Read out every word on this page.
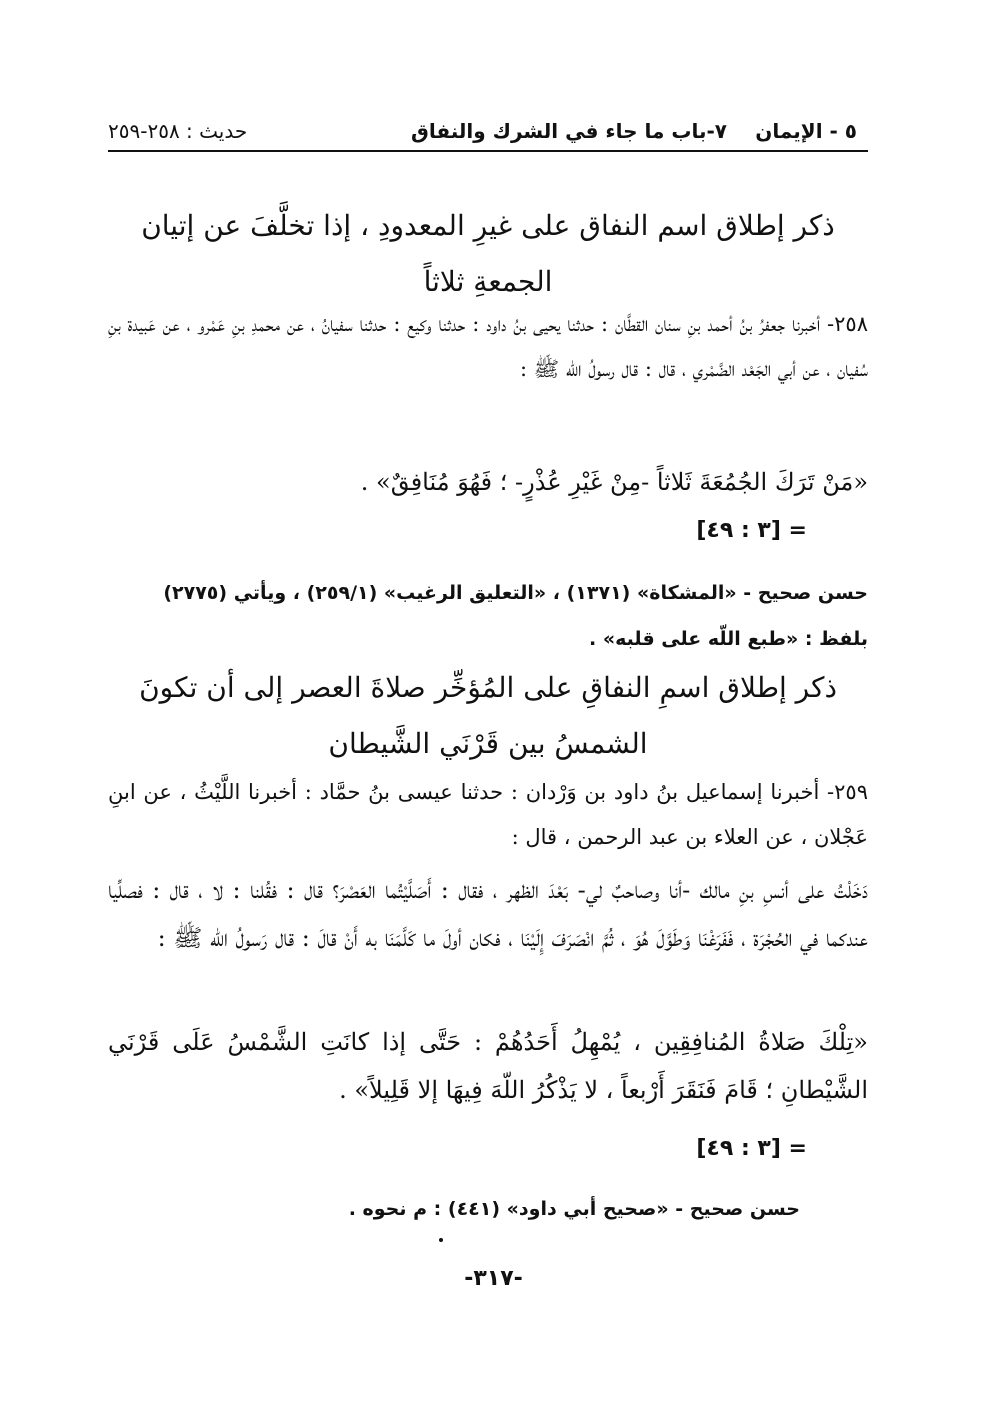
٥ - الإيمان
٧-باب ما جاء في الشرك والنفاق
حديث : ٢٥٨-٢٥٩
ذكر إطلاق اسم النفاق على غيرِ المعدودِ ، إذا تخلَّفَ عن إتيان الجمعةِ ثلاثاً
٢٥٨- أخبرنا جعفرُ بنُ أحمد بنِ سنان القطَّان : حدثنا يحيى بنُ داود : حدثنا وكيع : حدثنا سفيانُ ، عن محمدِ بنِ عَمْرو ، عن عَبيدة بنِ سُفيان ، عن أبي الجَعْد الضَّمْري ، قال : قال رسولُ اللّه ﷺ :
«مَنْ تَرَكَ الجُمُعَةَ ثَلاثاً -مِنْ غَيْرِ عُذْرٍ- ؛ فَهُوَ مُنَافِقٌ» .
= [٣ : ٤٩]
حسن صحيح - «المشكاة» (١٣٧١) ، «التعليق الرغيب» (٢٥٩/١) ، ويأتي (٢٧٧٥) بلفظ : «طبع اللّه على قلبه» .
ذكر إطلاق اسمِ النفاقِ على المُؤخِّر صلاةَ العصر إلى أن تكونَ الشمسُ بين قَرْنَي الشَّيطان
٢٥٩- أخبرنا إسماعيل بنُ داود بن وَرْدان : حدثنا عيسى بنُ حمَّاد : أخبرنا اللَّيْثُ ، عن ابنِ عَجْلان ، عن العلاء بن عبد الرحمن ، قال :
دَخَلْتُ على أنسِ بنِ مالك -أنا وصاحبٌ لي- بَعْدَ الظهر ، فقال : أَصَلَّيْتُما العَصْرَ؟ قال : فقُلنا : لا ، قال : فصلِّيا عندكما في الحُجْرَة ، فَفَرَغْنَا وَطَوَّلَ هُوَ ، ثُمَّ انْصَرَفَ إِلَيْنَا ، فكان أولَ ما كَلَّمَنَا به أَنْ قالَ : قال رَسولُ اللّه ﷺ :
«تِلْكَ صَلاةُ المُنافِقِين ، يُمْهِلُ أَحَدُهُمْ : حَتَّى إذا كانَتِ الشَّمْسُ عَلَى قَرْنَي الشَّيْطانِ ؛ قَامَ فَنَقَرَ أَرْبعاً ، لا يَذْكُرُ اللّهَ فِيهَا إلا قَلِيلاً» .
= [٣ : ٤٩]
حسن صحيح - «صحيح أبي داود» (٤٤١) : م نحوه .
-٣١٧-
